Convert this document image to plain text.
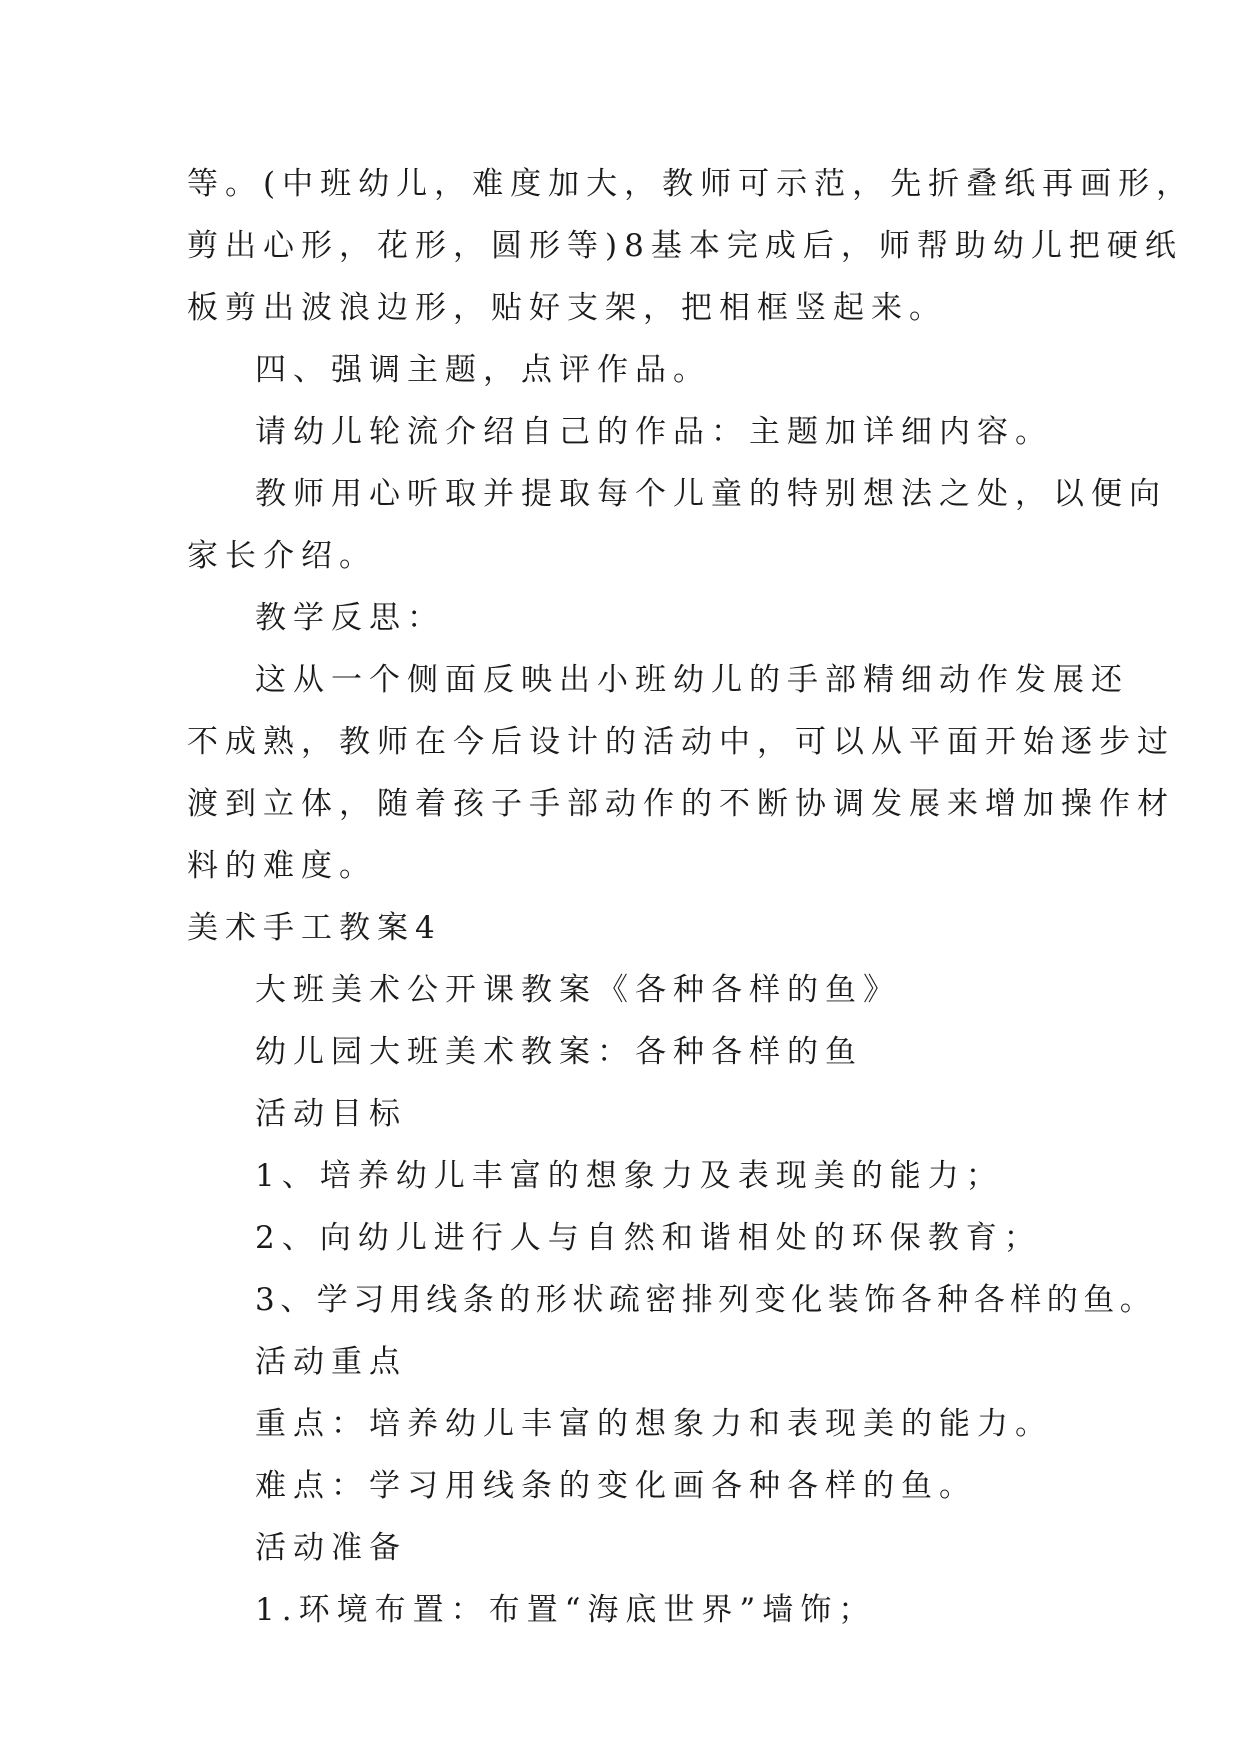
等。(中班幼儿，难度加大，教师可示范，先折叠纸再画形，
剪出心形，花形，圆形等)8基本完成后，师帮助幼儿把硬纸
板剪出波浪边形，贴好支架，把相框竖起来。
四、强调主题，点评作品。
请幼儿轮流介绍自己的作品：主题加详细内容。
教师用心听取并提取每个儿童的特别想法之处，以便向
家长介绍。
教学反思：
这从一个侧面反映出小班幼儿的手部精细动作发展还
不成熟，教师在今后设计的活动中，可以从平面开始逐步过
渡到立体，随着孩子手部动作的不断协调发展来增加操作材
料的难度。
美术手工教案4
大班美术公开课教案《各种各样的鱼》
幼儿园大班美术教案：各种各样的鱼
活动目标
1、培养幼儿丰富的想象力及表现美的能力；
2、向幼儿进行人与自然和谐相处的环保教育；
3、学习用线条的形状疏密排列变化装饰各种各样的鱼。
活动重点
重点：培养幼儿丰富的想象力和表现美的能力。
难点：学习用线条的变化画各种各样的鱼。
活动准备
1.环境布置：布置“海底世界”墙饰；
